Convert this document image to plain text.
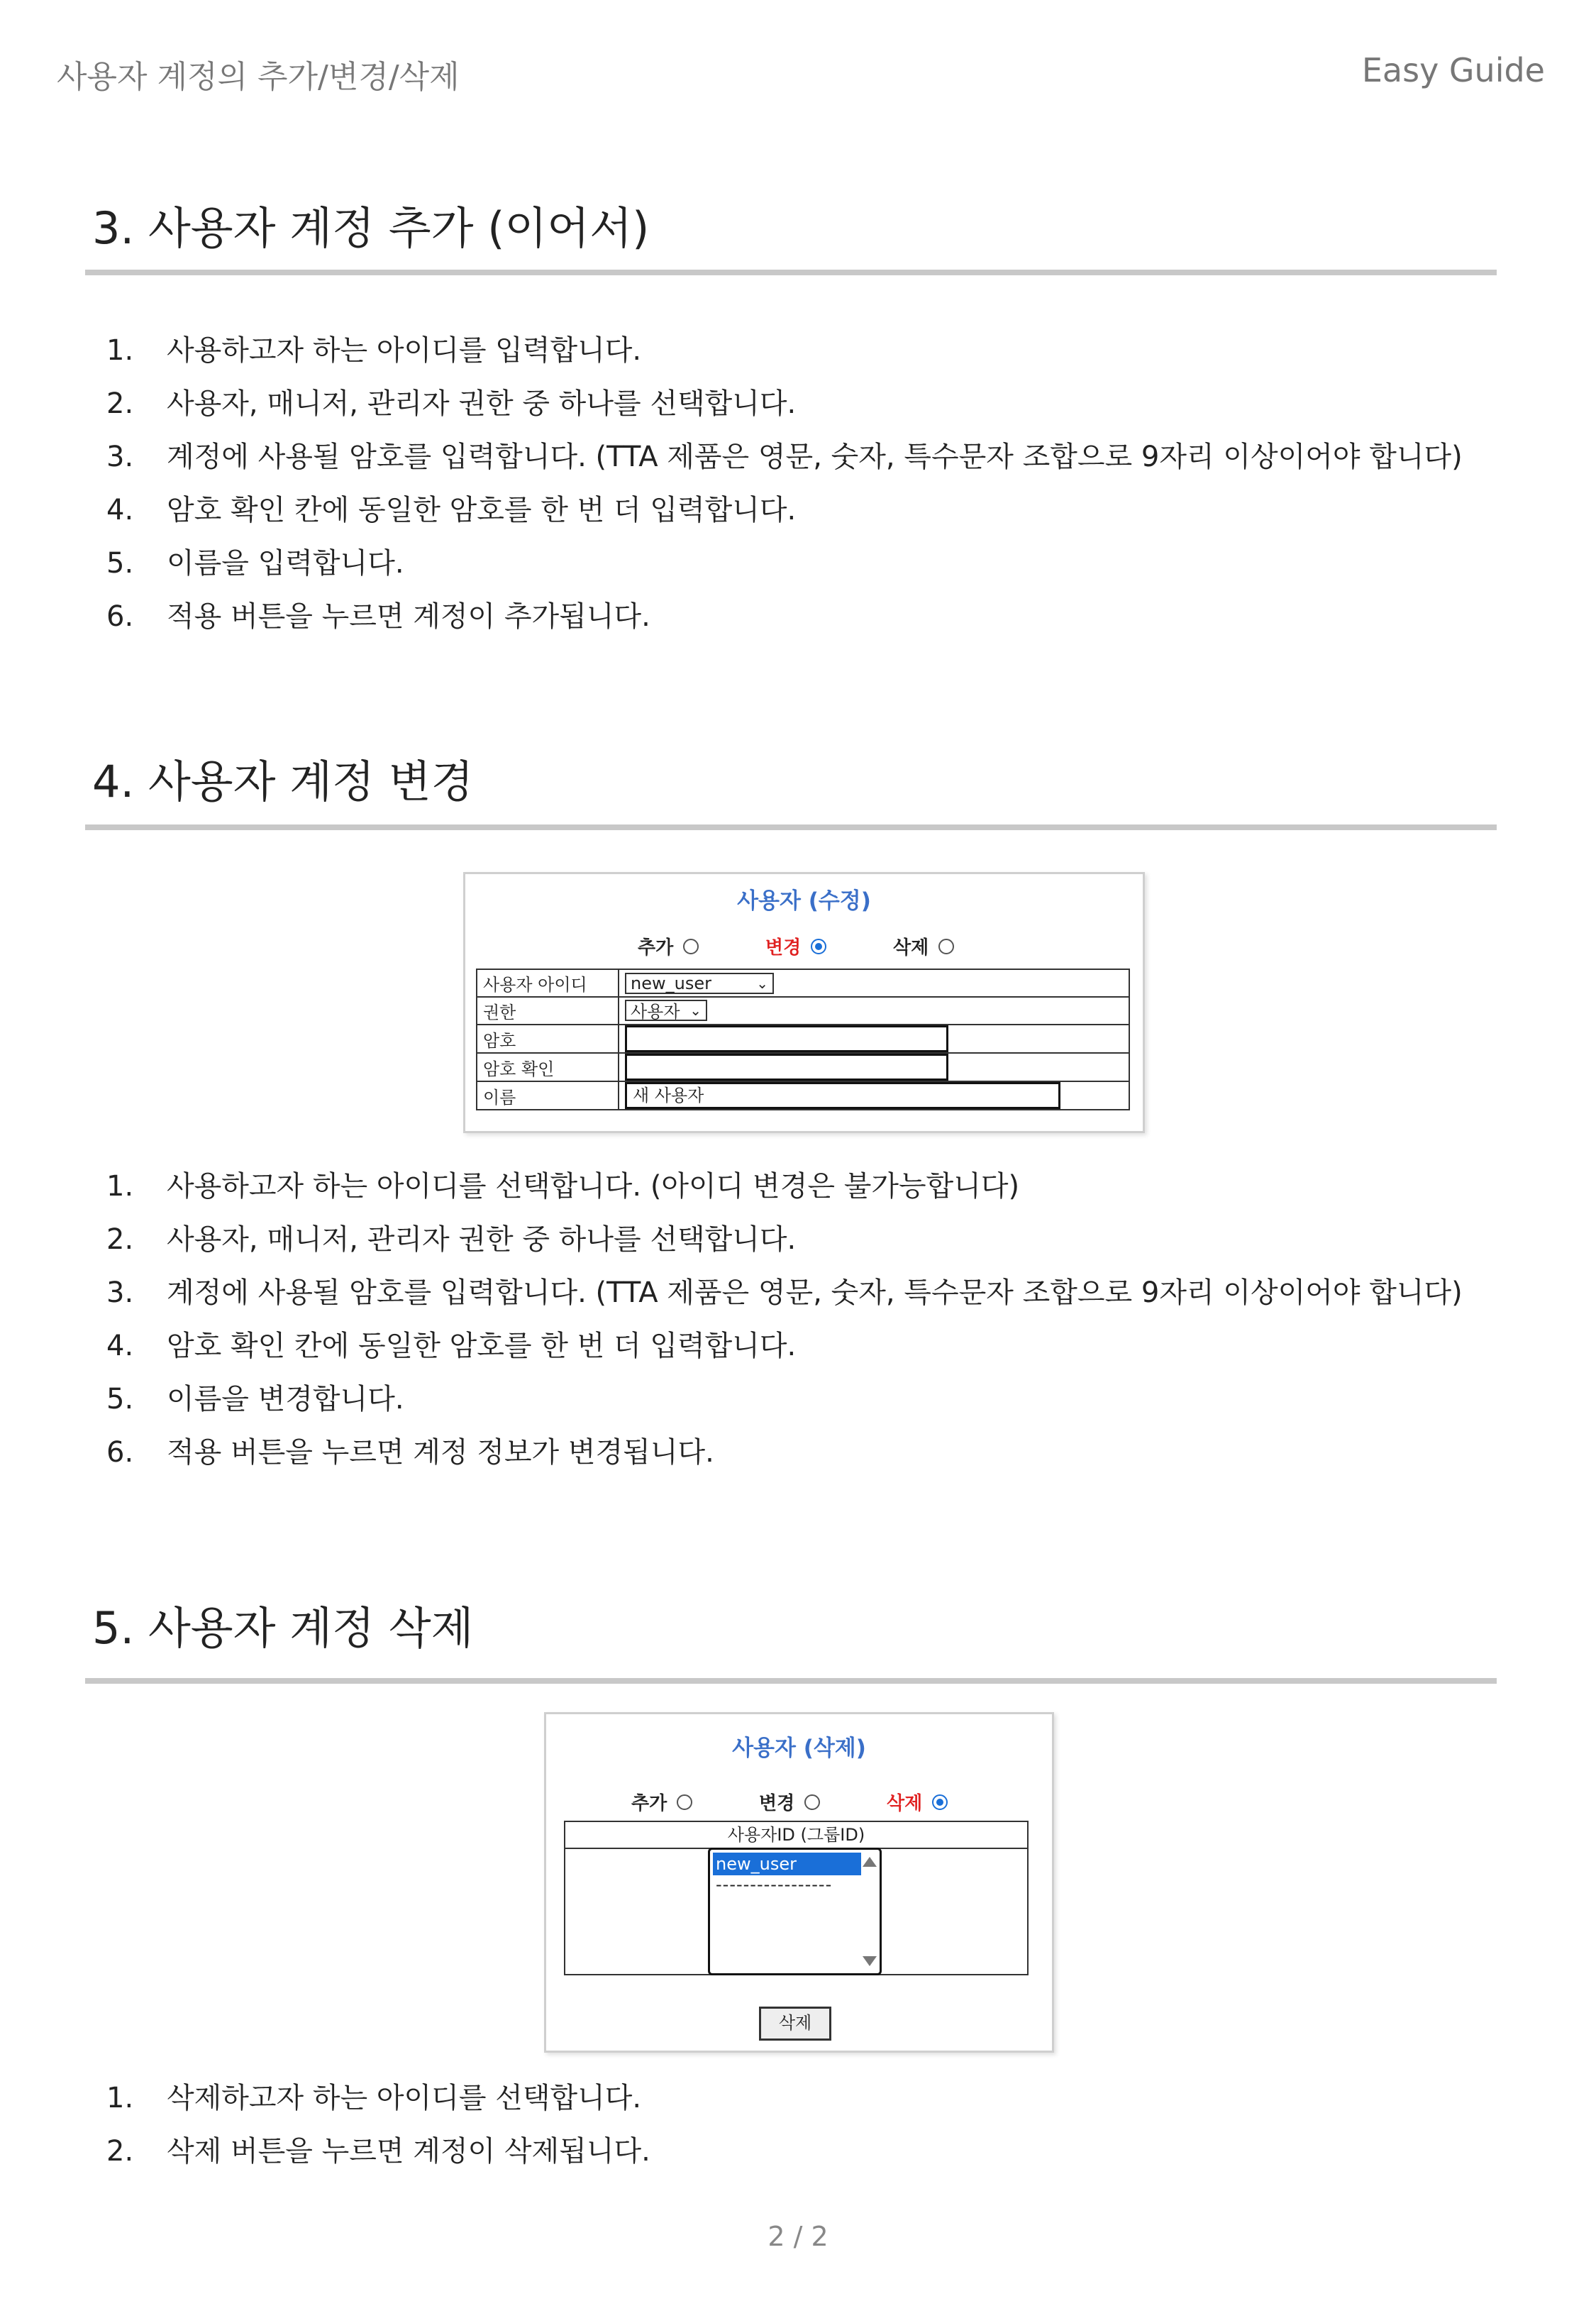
사용자 계정의 추가/변경/삭제	Easy Guide
3. 사용자 계정 추가 (이어서)
1. 사용하고자 하는 아이디를 입력합니다.
2. 사용자, 매니저, 관리자 권한 중 하나를 선택합니다.
3. 계정에 사용될 암호를 입력합니다. (TTA 제품은 영문, 숫자, 특수문자 조합으로 9자리 이상이어야 합니다)
4. 암호 확인 칸에 동일한 암호를 한 번 더 입력합니다.
5. 이름을 입력합니다.
6. 적용 버튼을 누르면 계정이 추가됩니다.
4. 사용자 계정 변경
사용자 (수정)
추가	변경	삭제
사용자 아이디	new_user ⌄

권한	사용자 ⌄

암호	

암호 확인	

이름	새 사용자
1. 사용하고자 하는 아이디를 선택합니다. (아이디 변경은 불가능합니다)
2. 사용자, 매니저, 관리자 권한 중 하나를 선택합니다.
3. 계정에 사용될 암호를 입력합니다. (TTA 제품은 영문, 숫자, 특수문자 조합으로 9자리 이상이어야 합니다)
4. 암호 확인 칸에 동일한 암호를 한 번 더 입력합니다.
5. 이름을 변경합니다.
6. 적용 버튼을 누르면 계정 정보가 변경됩니다.
5. 사용자 계정 삭제
사용자 (삭제)
추가	변경	삭제
사용자ID (그룹ID)
new_user
-----------------
삭제
1. 삭제하고자 하는 아이디를 선택합니다.
2. 삭제 버튼을 누르면 계정이 삭제됩니다.
2 / 2
